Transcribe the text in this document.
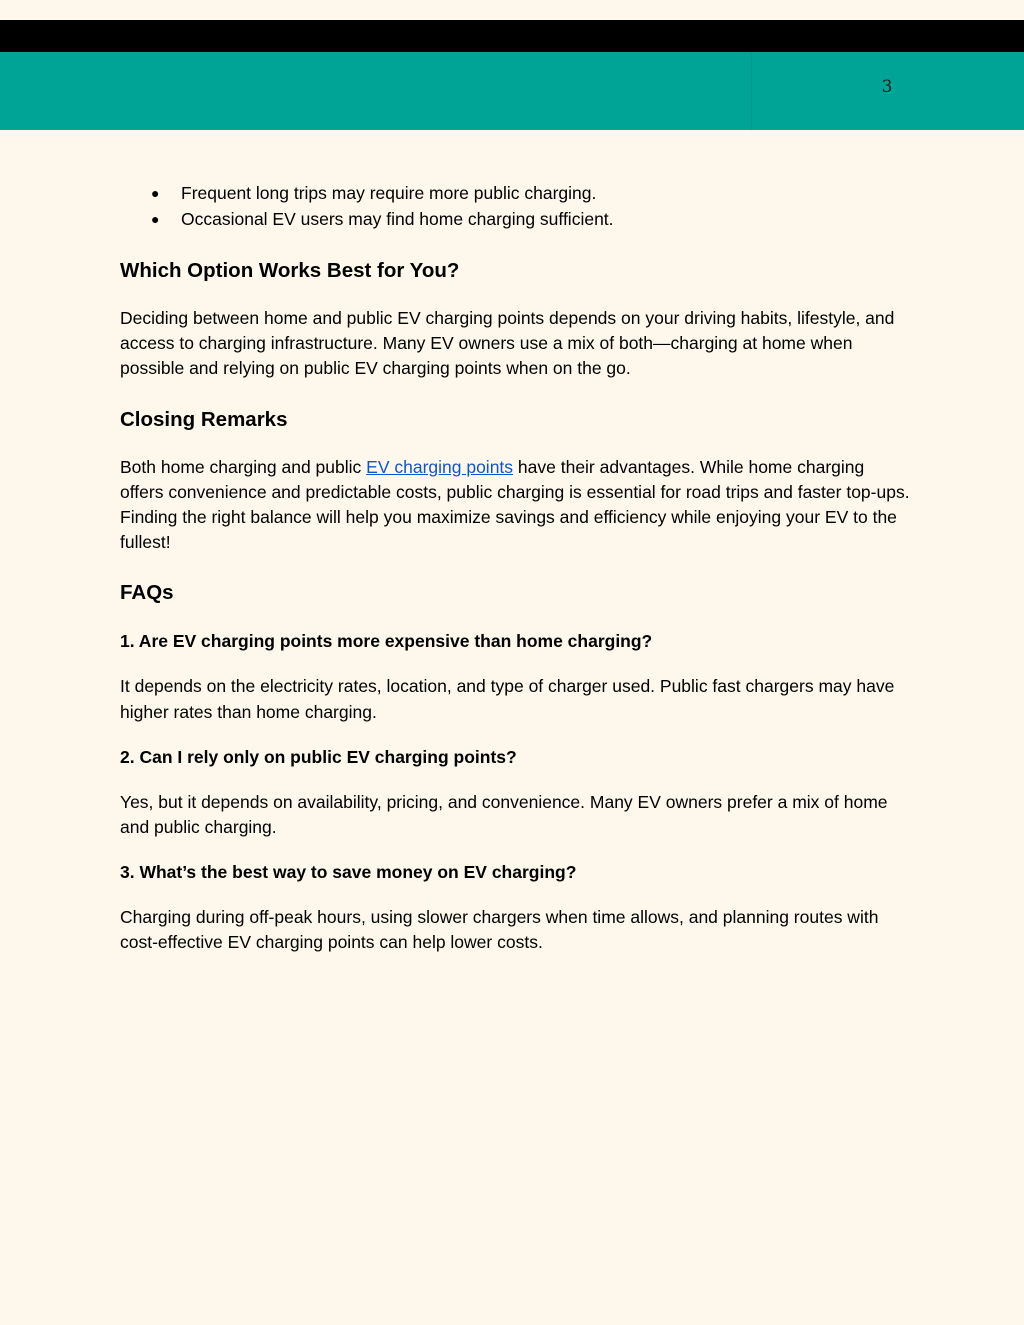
3
● Frequent long trips may require more public charging.
● Occasional EV users may find home charging sufficient.
Which Option Works Best for You?

Deciding between home and public EV charging points depends on your driving habits, lifestyle, and access to charging infrastructure. Many EV owners use a mix of both—charging at home when possible and relying on public EV charging points when on the go.

Closing Remarks

Both home charging and public EV charging points have their advantages. While home charging offers convenience and predictable costs, public charging is essential for road trips and faster top-ups. Finding the right balance will help you maximize savings and efficiency while enjoying your EV to the fullest!

FAQs
1. Are EV charging points more expensive than home charging?

It depends on the electricity rates, location, and type of charger used. Public fast chargers may have higher rates than home charging.

2. Can I rely only on public EV charging points?

Yes, but it depends on availability, pricing, and convenience. Many EV owners prefer a mix of home and public charging.

3. What’s the best way to save money on EV charging?

Charging during off-peak hours, using slower chargers when time allows, and planning routes with cost-effective EV charging points can help lower costs.
